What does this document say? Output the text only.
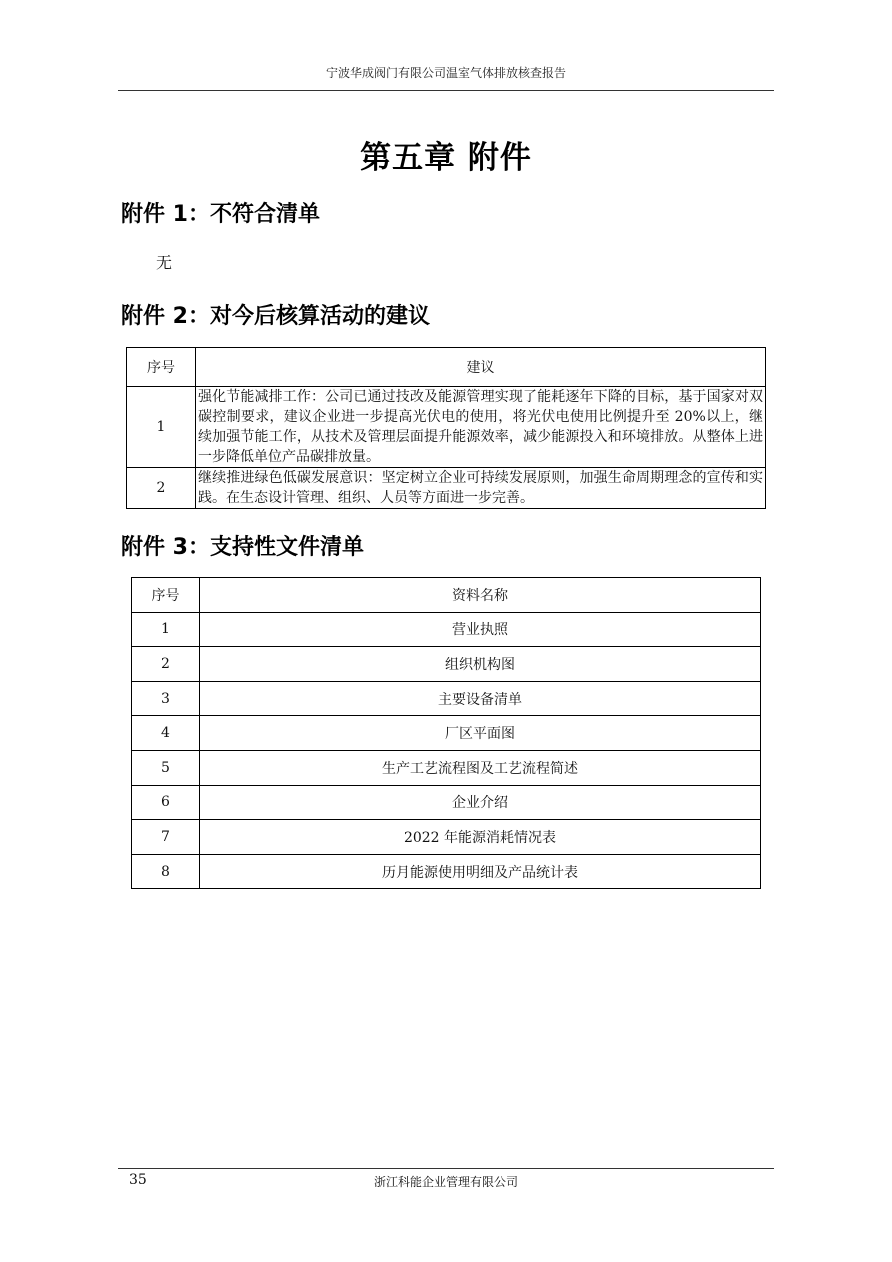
宁波华成阀门有限公司温室气体排放核查报告
第五章 附件
附件 1：不符合清单
无
附件 2：对今后核算活动的建议
序号	建议
1	强化节能减排工作：公司已通过技改及能源管理实现了能耗逐年下降的目标，基于国家对双碳控制要求，建议企业进一步提高光伏电的使用，将光伏电使用比例提升至 20%以上，继续加强节能工作，从技术及管理层面提升能源效率，减少能源投入和环境排放。从整体上进一步降低单位产品碳排放量。
2	继续推进绿色低碳发展意识：坚定树立企业可持续发展原则，加强生命周期理念的宣传和实践。在生态设计管理、组织、人员等方面进一步完善。
附件 3：支持性文件清单
序号	资料名称
1	营业执照
2	组织机构图
3	主要设备清单
4	厂区平面图
5	生产工艺流程图及工艺流程简述
6	企业介绍
7	2022 年能源消耗情况表
8	历月能源使用明细及产品统计表
35	浙江科能企业管理有限公司
